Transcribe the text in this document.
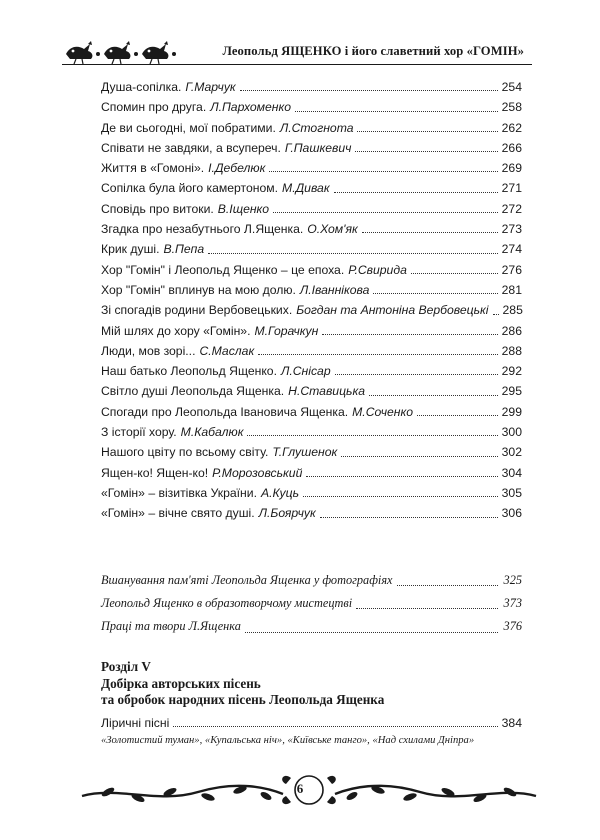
Леопольд ЯЩЕНКО і його славетний хор «ГОМІН»
Душа-сопілка. Г.Марчук	254
Спомин про друга. Л.Пархоменко	258
Де ви сьогодні, мої побратими. Л.Стогнота	262
Співати не завдяки, а всупереч. Г.Пашкевич	266
Життя в «Гомоні». І.Дебелюк	269
Сопілка була його камертоном. М.Дивак	271
Сповідь про витоки. В.Іщенко	272
Згадка про незабутнього Л.Ященка. О.Хом'як	273
Крик душі. В.Пепа	274
Хор "Гомін" і Леопольд Ященко – це епоха. Р.Свирида	276
Хор "Гомін" вплинув на мою долю. Л.Іваннікова	281
Зі спогадів родини Вербовецьких. Богдан та Антоніна Вербовецькі 285
Мій шлях до хору «Гомін». М.Горачкун	286
Люди, мов зорі... С.Маслак	288
Наш батько Леопольд Ященко. Л.Снісар	292
Світло душі Леопольда Ященка. Н.Ставицька	295
Спогади про Леопольда Івановича Ященка. М.Соченко	299
З історії хору. М.Кабалюк	300
Нашого цвіту по всьому світу. Т.Глушенок	302
Ящен-ко! Ящен-ко! Р.Морозовський	304
«Гомін» – візитівка України. А.Куць	305
«Гомін» – вічне свято душі. Л.Боярчук	306
Вшанування пам'яті Леопольда Ященка у фотографіях	325
Леопольд Ященко в образотворчому мистецтві	373
Праці та твори Л.Ященка	376
Розділ V
Добірка авторських пісень
та обробок народних пісень Леопольда Ященка
Ліричні пісні	384
«Золотистий туман», «Купальська ніч», «Київське танго», «Над схилами Дніпра»
6
